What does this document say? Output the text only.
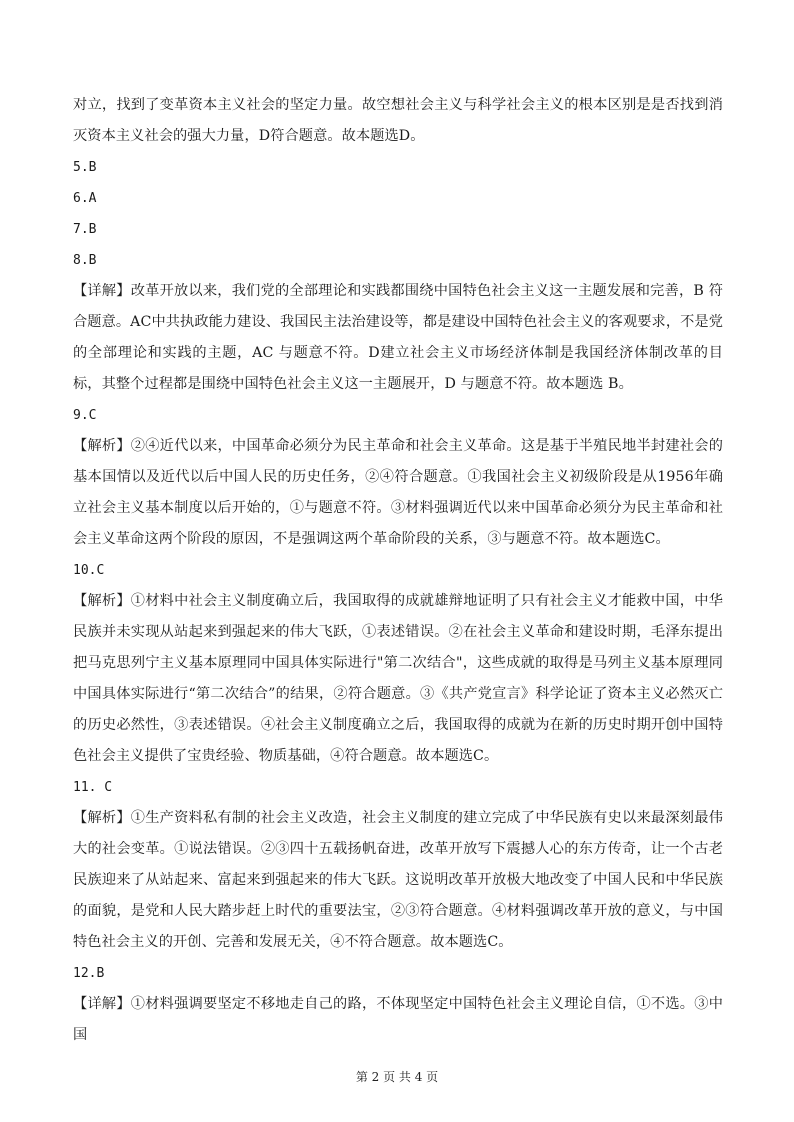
对立，找到了变革资本主义社会的坚定力量。故空想社会主义与科学社会主义的根本区别是是否找到消灭资本主义社会的强大力量，D符合题意。故本题选D。

5.B

6.A

7.B

8.B

【详解】改革开放以来，我们党的全部理论和实践都围绕中国特色社会主义这一主题发展和完善，B 符合题意。AC中共执政能力建设、我国民主法治建设等，都是建设中国特色社会主义的客观要求，不是党的全部理论和实践的主题，AC 与题意不符。D建立社会主义市场经济体制是我国经济体制改革的目标，其整个过程都是围绕中国特色社会主义这一主题展开，D 与题意不符。故本题选 B。

9.C

【解析】②④近代以来，中国革命必须分为民主革命和社会主义革命。这是基于半殖民地半封建社会的基本国情以及近代以后中国人民的历史任务，②④符合题意。①我国社会主义初级阶段是从1956年确立社会主义基本制度以后开始的，①与题意不符。③材料强调近代以来中国革命必须分为民主革命和社会主义革命这两个阶段的原因，不是强调这两个革命阶段的关系，③与题意不符。故本题选C。

10.C

【解析】①材料中社会主义制度确立后，我国取得的成就雄辩地证明了只有社会主义才能救中国，中华民族并未实现从站起来到强起来的伟大飞跃，①表述错误。②在社会主义革命和建设时期，毛泽东提出把马克思列宁主义基本原理同中国具体实际进行"第二次结合"，这些成就的取得是马列主义基本原理同中国具体实际进行“第二次结合”的结果，②符合题意。③《共产党宣言》科学论证了资本主义必然灭亡的历史必然性，③表述错误。④社会主义制度确立之后，我国取得的成就为在新的历史时期开创中国特色社会主义提供了宝贵经验、物质基础，④符合题意。故本题选C。

11. C

【解析】①生产资料私有制的社会主义改造，社会主义制度的建立完成了中华民族有史以来最深刻最伟大的社会变革。①说法错误。②③四十五载扬帆奋进，改革开放写下震撼人心的东方传奇，让一个古老民族迎来了从站起来、富起来到强起来的伟大飞跃。这说明改革开放极大地改变了中国人民和中华民族的面貌，是党和人民大踏步赶上时代的重要法宝，②③符合题意。④材料强调改革开放的意义，与中国特色社会主义的开创、完善和发展无关，④不符合题意。故本题选C。

12.B

【详解】①材料强调要坚定不移地走自己的路，不体现坚定中国特色社会主义理论自信，①不选。③中国

第 2 页 共 4 页
